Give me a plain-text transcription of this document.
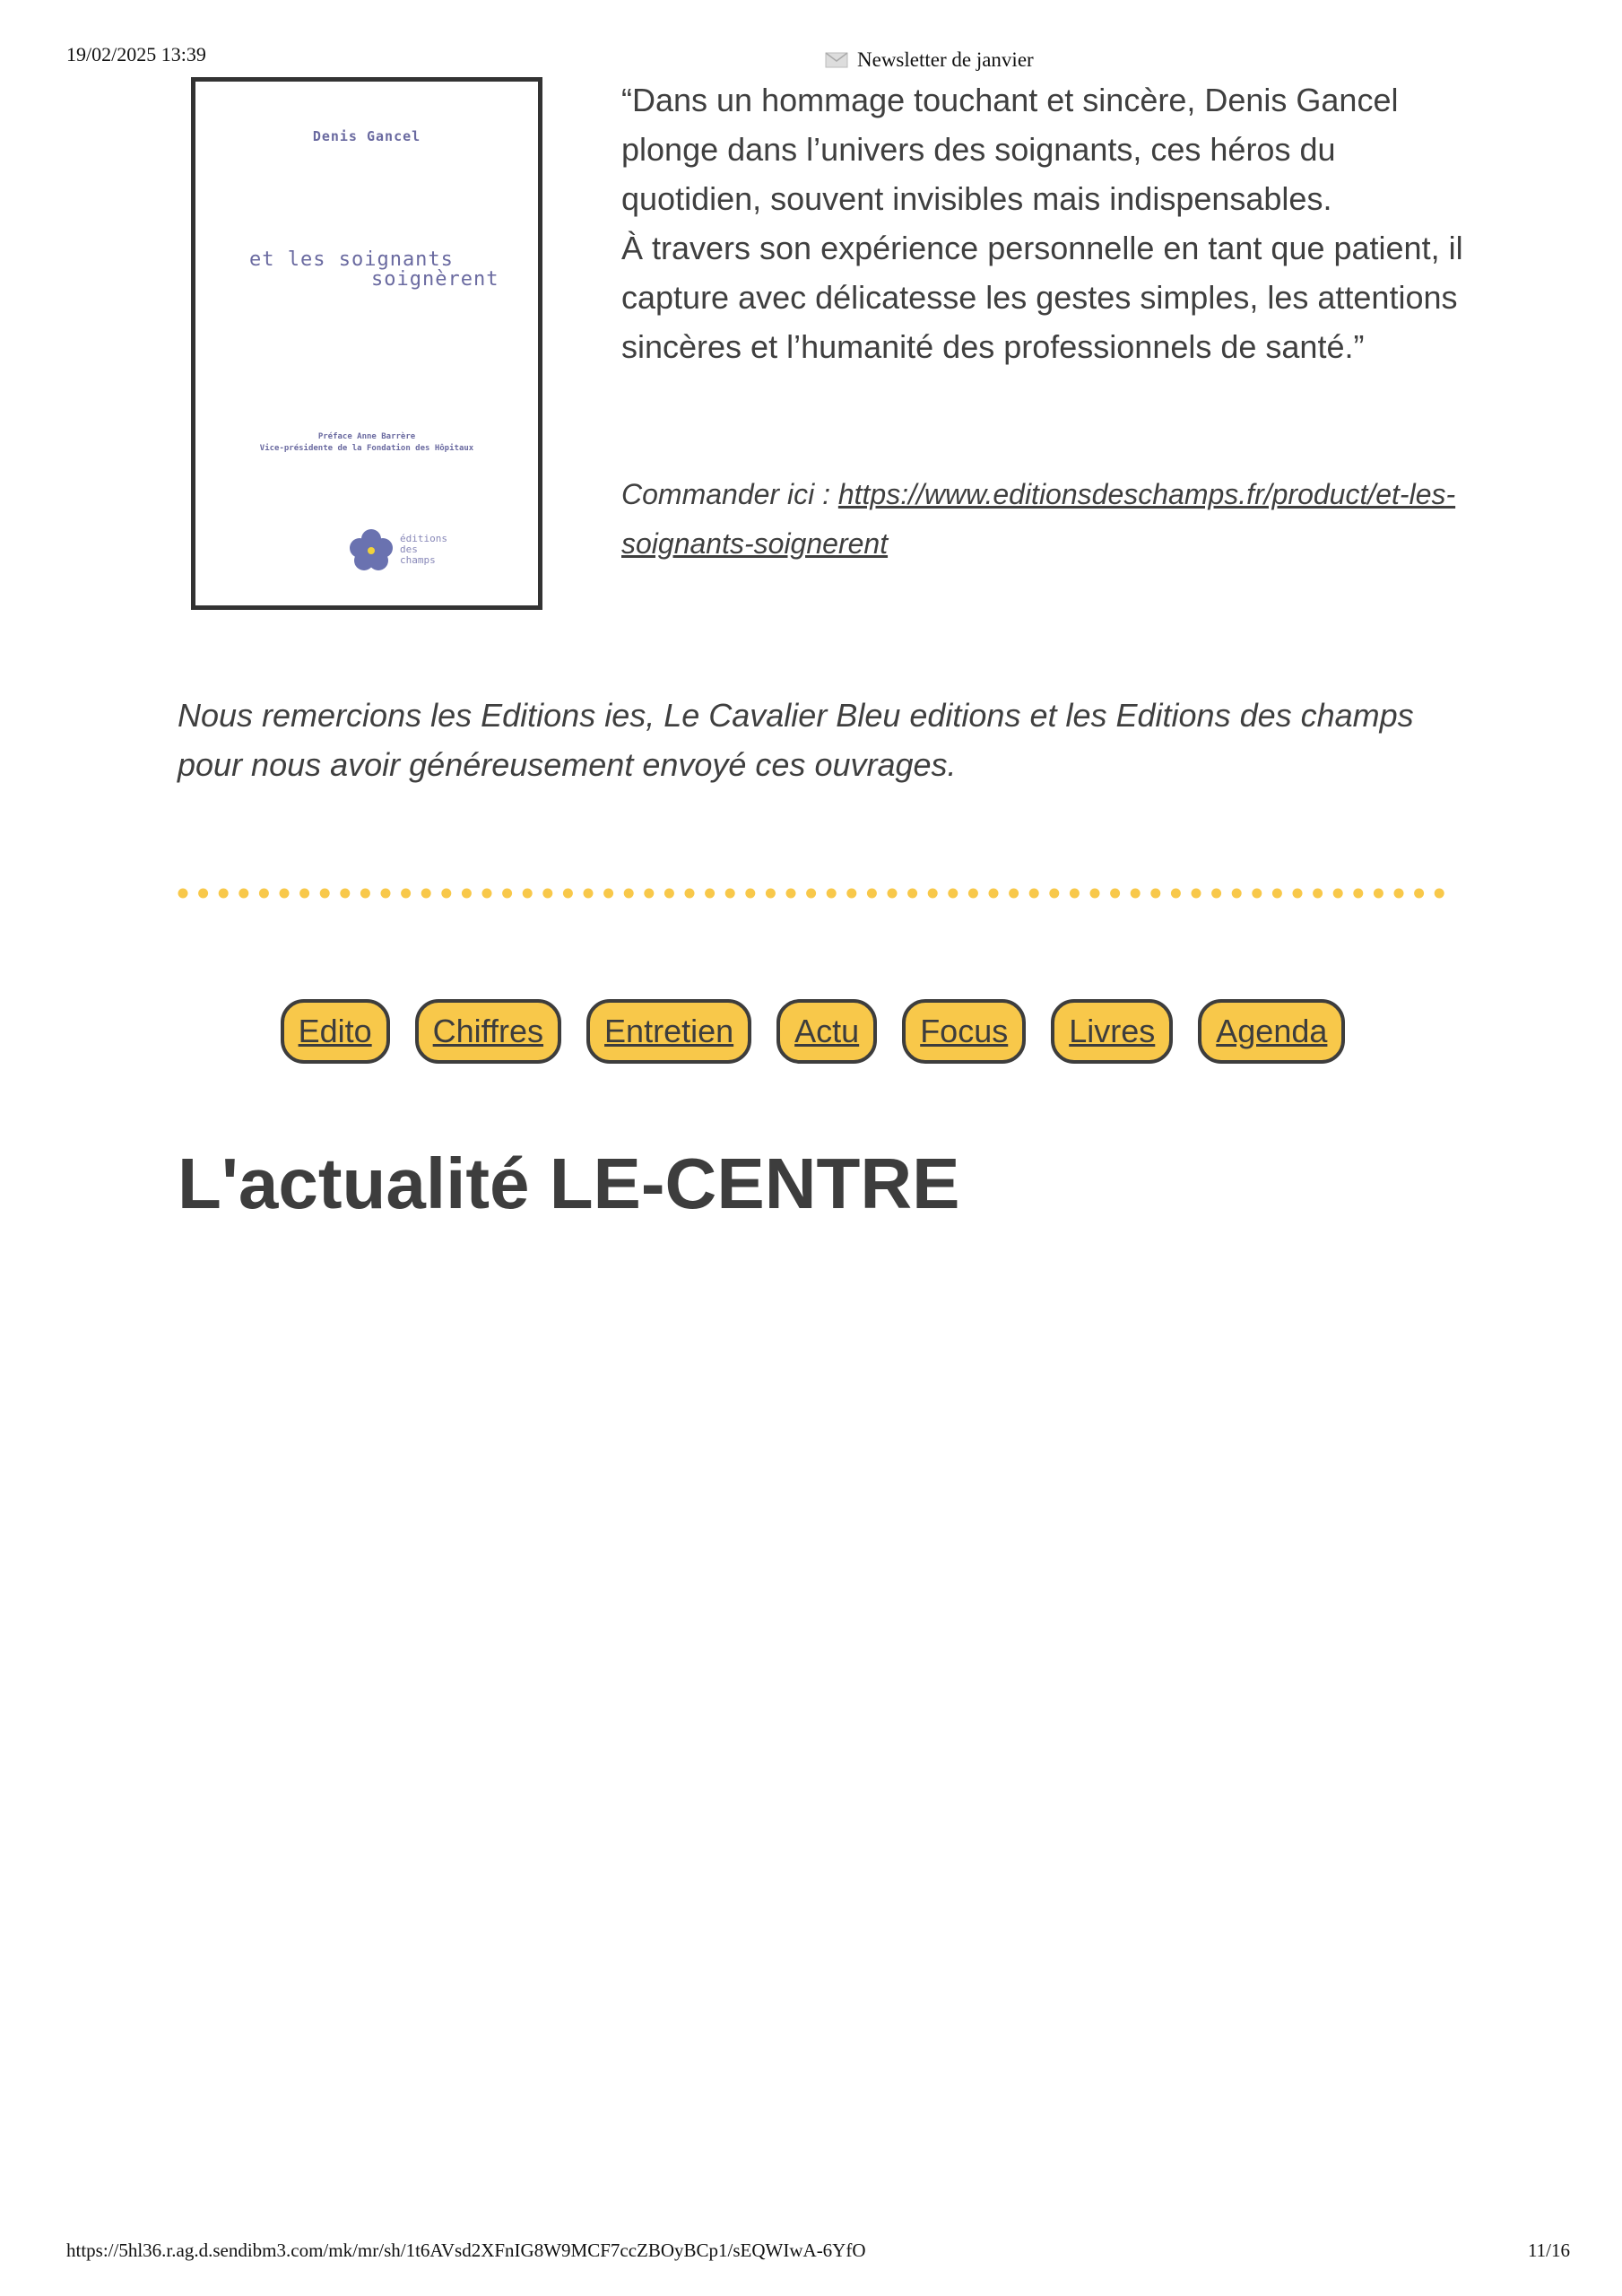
19/02/2025 13:39	Newsletter de janvier
Denis Gancel
et les soignants
soignèrent
Préface Anne Barrère
Vice-présidente de la Fondation des Hôpitaux
éditions
des
champs

“Dans un hommage touchant et sincère, Denis Gancel plonge dans l’univers des soignants, ces héros du quotidien, souvent invisibles mais indispensables.

À travers son expérience personnelle en tant que patient, il capture avec délicatesse les gestes simples, les attentions sincères et l’humanité des professionnels de santé.”

Commander ici : https://www.editionsdeschamps.fr/product/et-les-soignants-soignerent
Nous remercions les Editions ies, Le Cavalier Bleu editions et les Editions des champs pour nous avoir généreusement envoyé ces ouvrages.
Edito	Chiffres	Entretien	Actu	Focus	Livres	Agenda
L'actualité LE-CENTRE
https://5hl36.r.ag.d.sendibm3.com/mk/mr/sh/1t6AVsd2XFnIG8W9MCF7ccZBOyBCp1/sEQWIwA-6YfO	11/16
